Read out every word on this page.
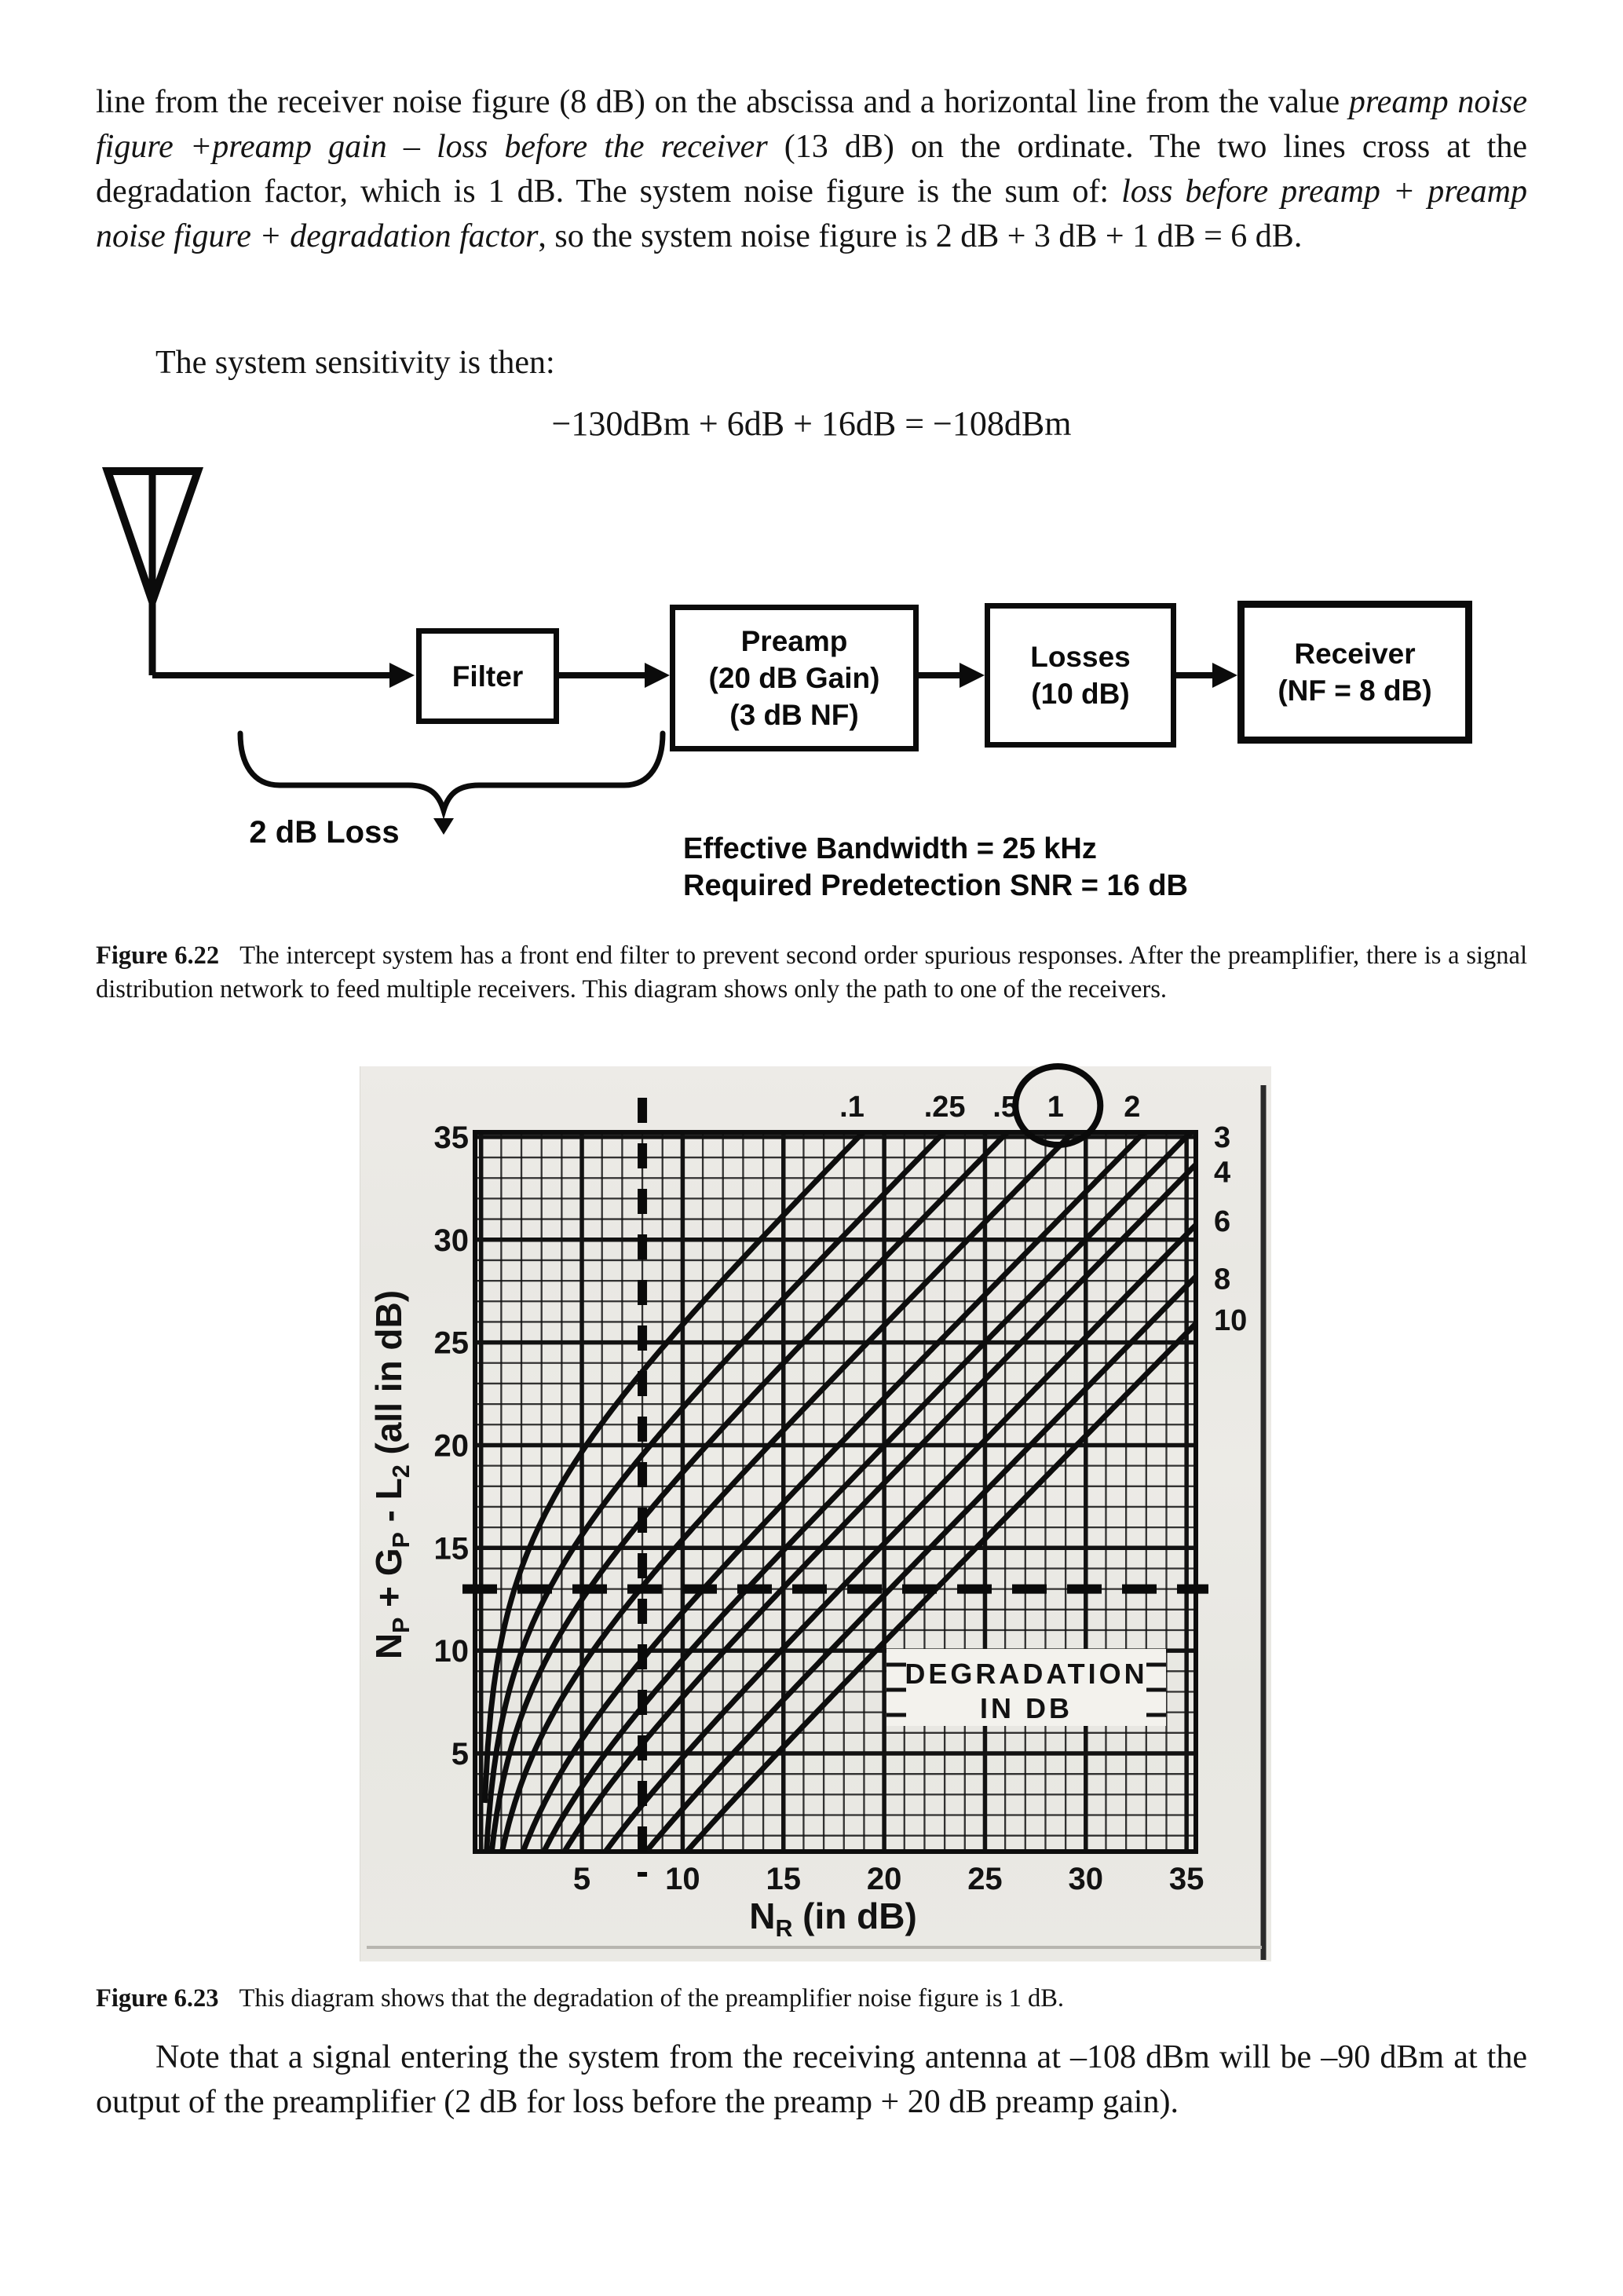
line from the receiver noise figure (8 dB) on the abscissa and a horizontal line from the value preamp noise figure +preamp gain – loss before the receiver (13 dB) on the ordinate. The two lines cross at the degradation factor, which is 1 dB. The system noise figure is the sum of: loss before preamp + preamp noise figure + degradation factor, so the system noise figure is 2 dB + 3 dB + 1 dB = 6 dB.
The system sensitivity is then:
−130dBm + 6dB + 16dB = −108dBm
Filter
Preamp
(20 dB Gain)
(3 dB NF)
Losses
(10 dB)
Receiver
(NF = 8 dB)
2 dB Loss	Effective Bandwidth = 25 kHz
Required Predetection SNR = 16 dB
Figure 6.22 The intercept system has a front end filter to prevent second order spurious responses. After the preamplifier, there is a signal distribution network to feed multiple receivers. This diagram shows only the path to one of the receivers.
DEGRADATION
IN DB
.1 .25 .5 1 2
3
4
6
8
10
35
30
25
20
15
10
5
5 10 15 20 25 30 35
$N_R$ (in dB)
$N_P + G_P - L_2$ (all in dB)
Figure 6.23 This diagram shows that the degradation of the preamplifier noise figure is 1 dB.
Note that a signal entering the system from the receiving antenna at –108 dBm will be –90 dBm at the output of the preamplifier (2 dB for loss before the preamp + 20 dB preamp gain).
